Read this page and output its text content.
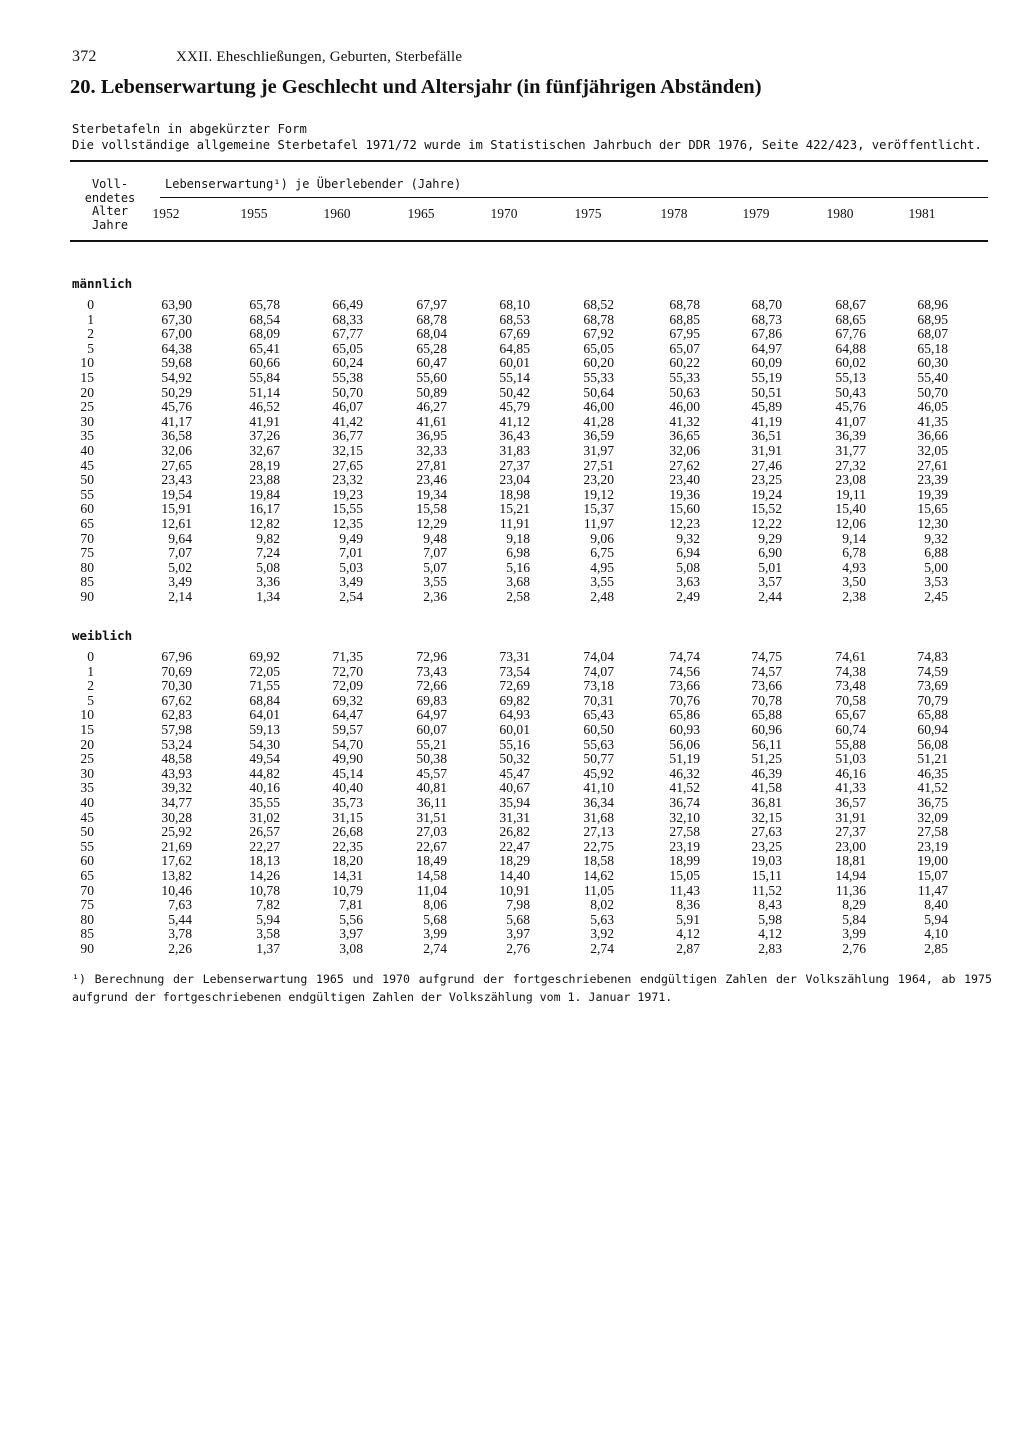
372	XXII. Eheschließungen, Geburten, Sterbefälle
20. Lebenserwartung je Geschlecht und Altersjahr (in fünfjährigen Abständen)
Sterbetafeln in abgekürzter Form
Die vollständige allgemeine Sterbetafel 1971/72 wurde im Statistischen Jahrbuch der DDR 1976, Seite 422/423, veröffentlicht.
Voll-
endetes
Alter
Jahre
Lebenserwartung¹) je Überlebender (Jahre)
1952	1955	1960	1965	1970	1975	1978	1979	1980	1981
männlich
0	63,90	65,78	66,49	67,97	68,10	68,52	68,78	68,70	68,67	68,96
1	67,30	68,54	68,33	68,78	68,53	68,78	68,85	68,73	68,65	68,95
2	67,00	68,09	67,77	68,04	67,69	67,92	67,95	67,86	67,76	68,07
5	64,38	65,41	65,05	65,28	64,85	65,05	65,07	64,97	64,88	65,18
10	59,68	60,66	60,24	60,47	60,01	60,20	60,22	60,09	60,02	60,30
15	54,92	55,84	55,38	55,60	55,14	55,33	55,33	55,19	55,13	55,40
20	50,29	51,14	50,70	50,89	50,42	50,64	50,63	50,51	50,43	50,70
25	45,76	46,52	46,07	46,27	45,79	46,00	46,00	45,89	45,76	46,05
30	41,17	41,91	41,42	41,61	41,12	41,28	41,32	41,19	41,07	41,35
35	36,58	37,26	36,77	36,95	36,43	36,59	36,65	36,51	36,39	36,66
40	32,06	32,67	32,15	32,33	31,83	31,97	32,06	31,91	31,77	32,05
45	27,65	28,19	27,65	27,81	27,37	27,51	27,62	27,46	27,32	27,61
50	23,43	23,88	23,32	23,46	23,04	23,20	23,40	23,25	23,08	23,39
55	19,54	19,84	19,23	19,34	18,98	19,12	19,36	19,24	19,11	19,39
60	15,91	16,17	15,55	15,58	15,21	15,37	15,60	15,52	15,40	15,65
65	12,61	12,82	12,35	12,29	11,91	11,97	12,23	12,22	12,06	12,30
70	9,64	9,82	9,49	9,48	9,18	9,06	9,32	9,29	9,14	9,32
75	7,07	7,24	7,01	7,07	6,98	6,75	6,94	6,90	6,78	6,88
80	5,02	5,08	5,03	5,07	5,16	4,95	5,08	5,01	4,93	5,00
85	3,49	3,36	3,49	3,55	3,68	3,55	3,63	3,57	3,50	3,53
90	2,14	1,34	2,54	2,36	2,58	2,48	2,49	2,44	2,38	2,45
weiblich
0	67,96	69,92	71,35	72,96	73,31	74,04	74,74	74,75	74,61	74,83
1	70,69	72,05	72,70	73,43	73,54	74,07	74,56	74,57	74,38	74,59
2	70,30	71,55	72,09	72,66	72,69	73,18	73,66	73,66	73,48	73,69
5	67,62	68,84	69,32	69,83	69,82	70,31	70,76	70,78	70,58	70,79
10	62,83	64,01	64,47	64,97	64,93	65,43	65,86	65,88	65,67	65,88
15	57,98	59,13	59,57	60,07	60,01	60,50	60,93	60,96	60,74	60,94
20	53,24	54,30	54,70	55,21	55,16	55,63	56,06	56,11	55,88	56,08
25	48,58	49,54	49,90	50,38	50,32	50,77	51,19	51,25	51,03	51,21
30	43,93	44,82	45,14	45,57	45,47	45,92	46,32	46,39	46,16	46,35
35	39,32	40,16	40,40	40,81	40,67	41,10	41,52	41,58	41,33	41,52
40	34,77	35,55	35,73	36,11	35,94	36,34	36,74	36,81	36,57	36,75
45	30,28	31,02	31,15	31,51	31,31	31,68	32,10	32,15	31,91	32,09
50	25,92	26,57	26,68	27,03	26,82	27,13	27,58	27,63	27,37	27,58
55	21,69	22,27	22,35	22,67	22,47	22,75	23,19	23,25	23,00	23,19
60	17,62	18,13	18,20	18,49	18,29	18,58	18,99	19,03	18,81	19,00
65	13,82	14,26	14,31	14,58	14,40	14,62	15,05	15,11	14,94	15,07
70	10,46	10,78	10,79	11,04	10,91	11,05	11,43	11,52	11,36	11,47
75	7,63	7,82	7,81	8,06	7,98	8,02	8,36	8,43	8,29	8,40
80	5,44	5,94	5,56	5,68	5,68	5,63	5,91	5,98	5,84	5,94
85	3,78	3,58	3,97	3,99	3,97	3,92	4,12	4,12	3,99	4,10
90	2,26	1,37	3,08	2,74	2,76	2,74	2,87	2,83	2,76	2,85
¹) Berechnung der Lebenserwartung 1965 und 1970 aufgrund der fortgeschriebenen endgültigen Zahlen der Volkszählung 1964, ab 1975 aufgrund der fortgeschriebenen endgültigen Zahlen der Volkszählung vom 1. Januar 1971.
